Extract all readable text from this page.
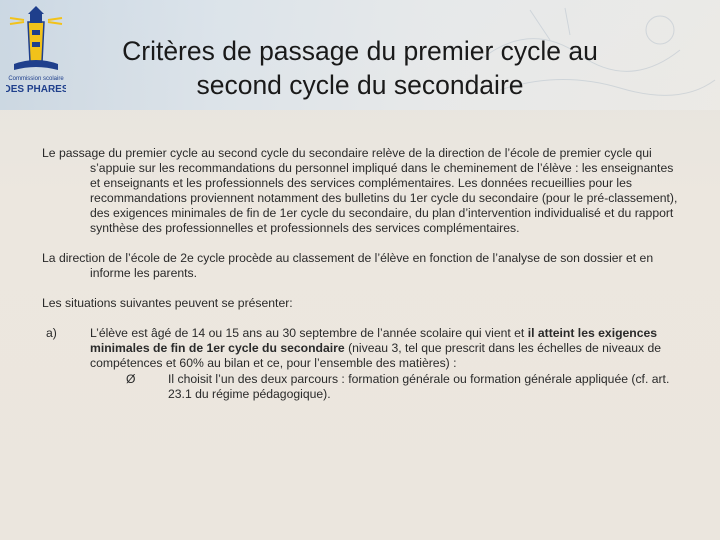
Commission scolaire
DES PHARES
Critères de passage du premier cycle au
second cycle du secondaire

Le passage du premier cycle au second cycle du secondaire relève de la direction de l’école de premier cycle qui s’appuie sur les recommandations du personnel impliqué dans le cheminement de l’élève : les enseignantes et enseignants et les professionnels des services complémentaires. Les données recueillies pour les recommandations proviennent notamment des bulletins du 1er cycle du secondaire (pour le pré-classement), des exigences minimales de fin de 1er cycle du secondaire, du plan d’intervention individualisé et du rapport synthèse des professionnelles et professionnels des services complémentaires.

La direction de l’école de 2e cycle procède au classement de l’élève en fonction de l’analyse de son dossier et en informe les parents.

Les situations suivantes peuvent se présenter:

a)	L’élève est âgé de 14 ou 15 ans au 30 septembre de l’année scolaire qui vient et il atteint les exigences minimales de fin de 1er cycle du secondaire (niveau 3, tel que prescrit dans les échelles de niveaux de compétences et 60% au bilan et ce, pour l’ensemble des matières) :

Ø	Il choisit l’un des deux parcours : formation générale ou formation générale appliquée (cf. art. 23.1 du régime pédagogique).
